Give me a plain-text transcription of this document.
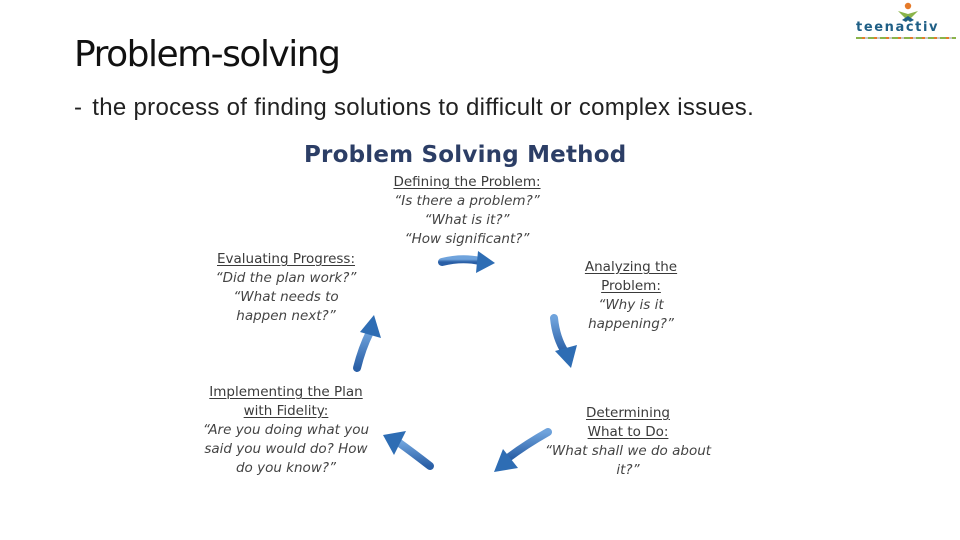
Problem-solving
- the process of finding solutions to difficult or complex issues.
teenactiv
Problem Solving Method
Defining the Problem:
“Is there a problem?”
“What is it?”
“How significant?”
Analyzing the
Problem:
“Why is it
happening?”
Determining
What to Do:
“What shall we do about
it?”
Implementing the Plan
with Fidelity:
“Are you doing what you
said you would do? How
do you know?”
Evaluating Progress:
“Did the plan work?”
“What needs to
happen next?”
